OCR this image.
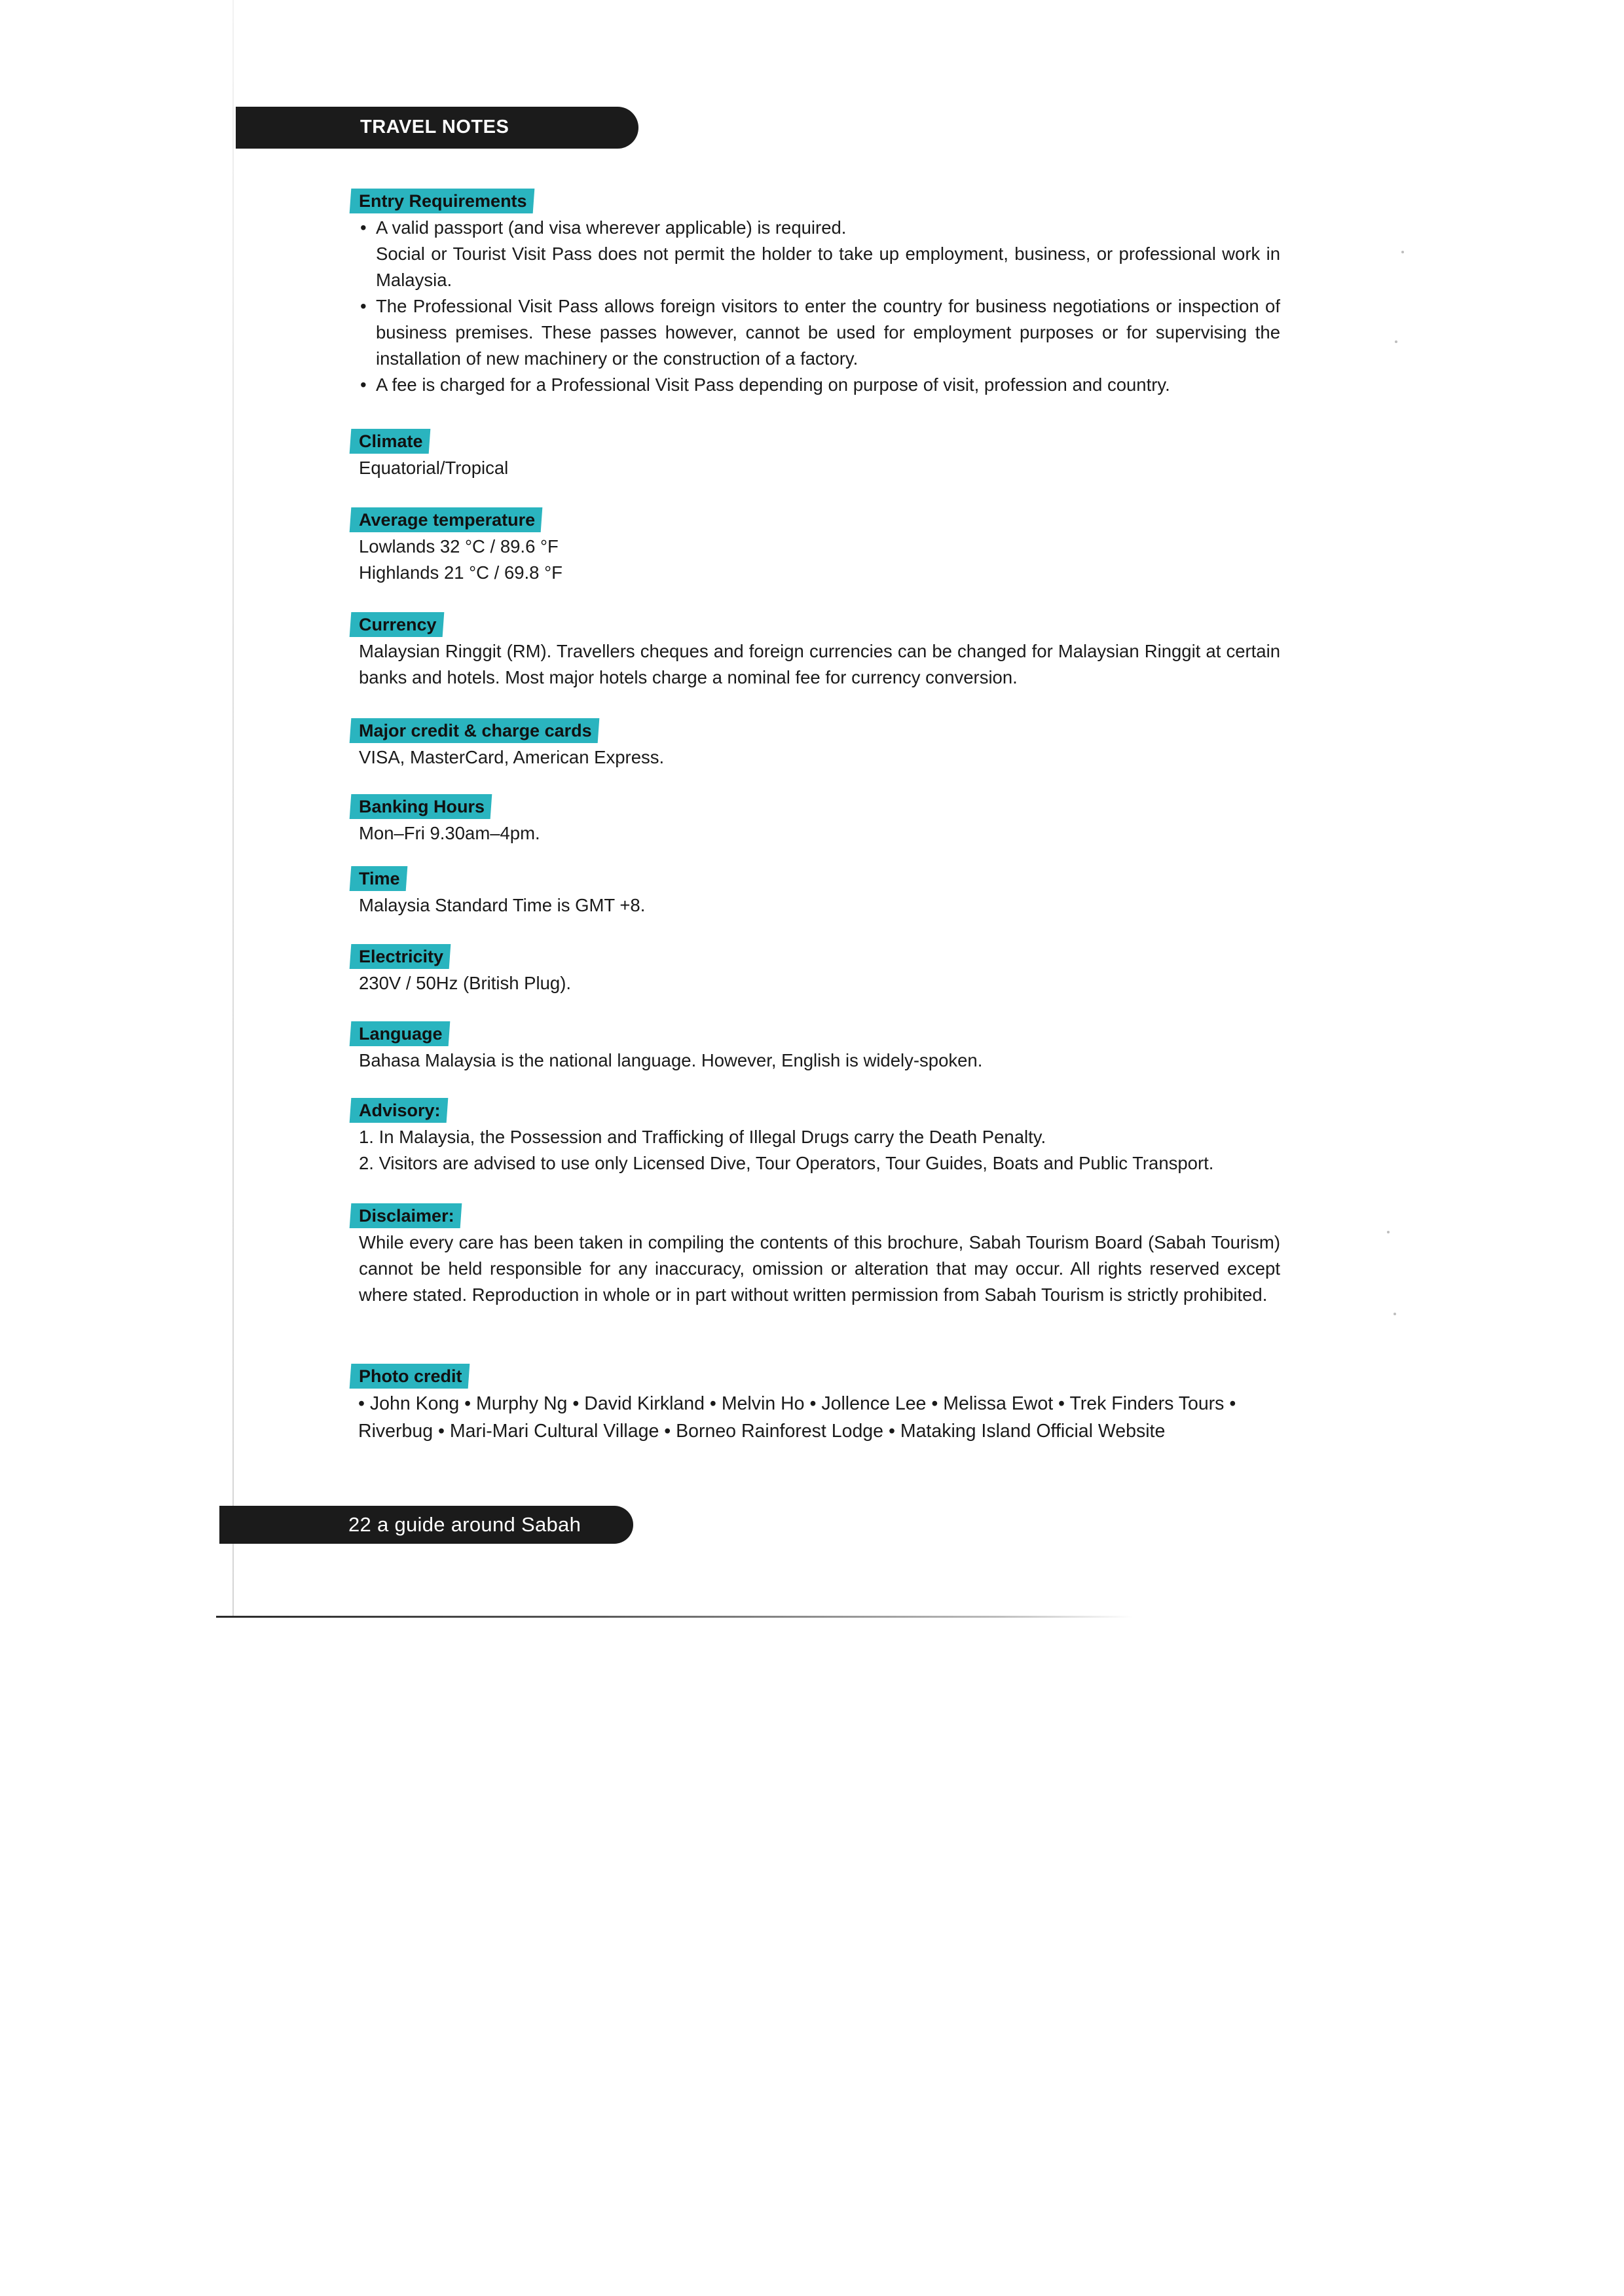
TRAVEL NOTES
Entry Requirements
• A valid passport (and visa wherever applicable) is required.

Social or Tourist Visit Pass does not permit the holder to take up employment, business, or professional work in Malaysia.

• The Professional Visit Pass allows foreign visitors to enter the country for business negotiations or inspection of business premises. These passes however, cannot be used for employment purposes or for supervising the installation of new machinery or the construction of a factory.

• A fee is charged for a Professional Visit Pass depending on purpose of visit, profession and country.

Climate

Equatorial/Tropical

Average temperature

Lowlands 32 °C / 89.6 °F

Highlands 21 °C / 69.8 °F

Currency

Malaysian Ringgit (RM). Travellers cheques and foreign currencies can be changed for Malaysian Ringgit at certain banks and hotels. Most major hotels charge a nominal fee for currency conversion.

Major credit & charge cards

VISA, MasterCard, American Express.

Banking Hours

Mon–Fri 9.30am–4pm.

Time

Malaysia Standard Time is GMT +8.

Electricity

230V / 50Hz (British Plug).

Language

Bahasa Malaysia is the national language. However, English is widely-spoken.

Advisory:
1. In Malaysia, the Possession and Trafficking of Illegal Drugs carry the Death Penalty.
2. Visitors are advised to use only Licensed Dive, Tour Operators, Tour Guides, Boats and Public Transport.
Disclaimer:

While every care has been taken in compiling the contents of this brochure, Sabah Tourism Board (Sabah Tourism) cannot be held responsible for any inaccuracy, omission or alteration that may occur. All rights reserved except where stated. Reproduction in whole or in part without written permission from Sabah Tourism is strictly prohibited.

Photo credit

• John Kong • Murphy Ng • David Kirkland • Melvin Ho • Jollence Lee • Melissa Ewot • Trek Finders Tours •

Riverbug • Mari-Mari Cultural Village • Borneo Rainforest Lodge • Mataking Island Official Website

22 a guide around Sabah
